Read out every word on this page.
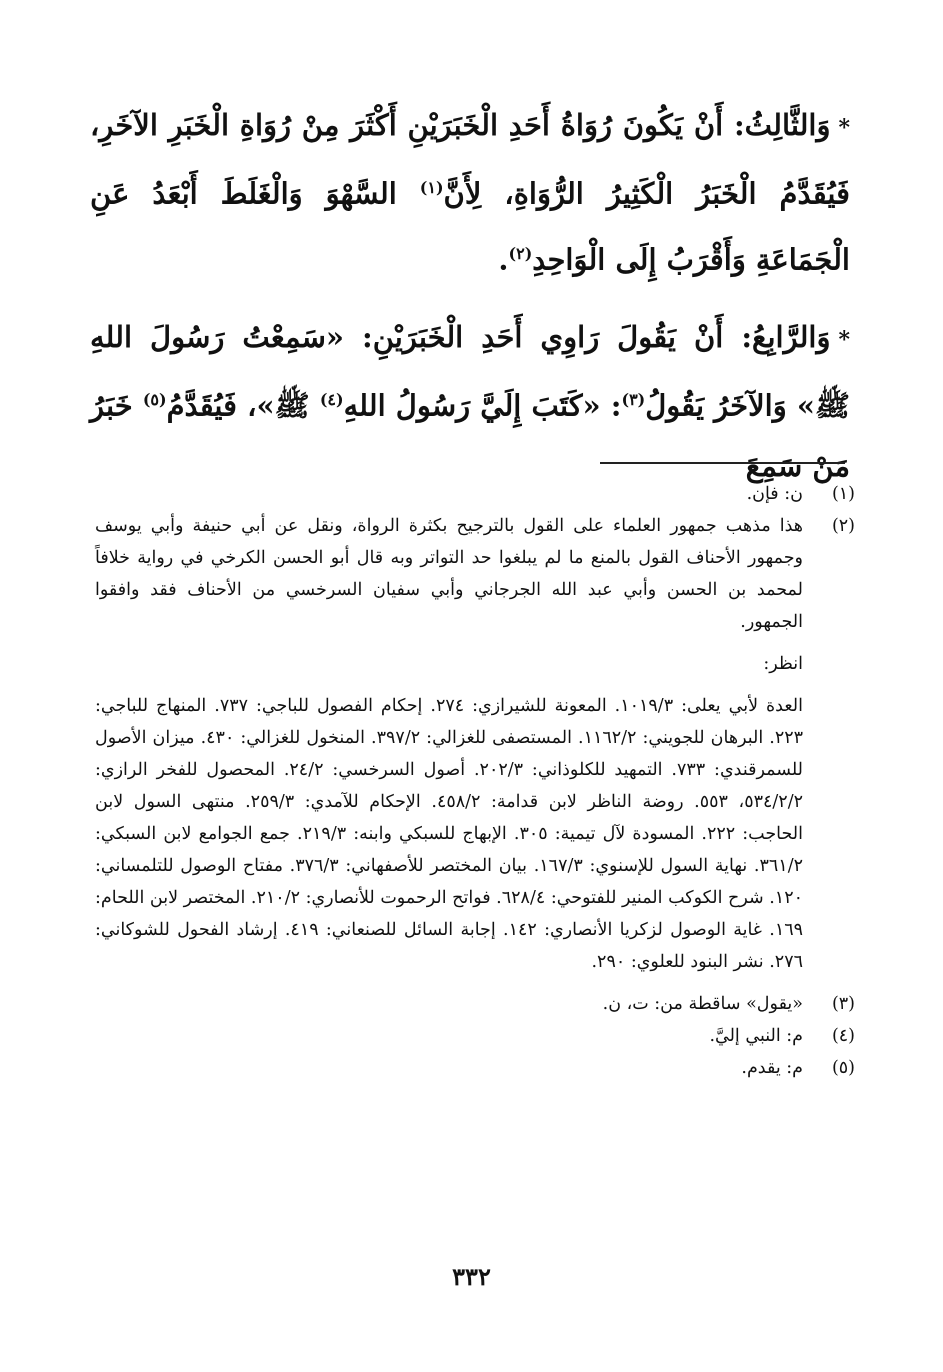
*وَالثَّالِثُ: أَنْ يَكُونَ رُوَاةُ أَحَدِ الْخَبَرَيْنِ أَكْثَرَ مِنْ رُوَاةِ الْخَبَرِ الآخَرِ، فَيُقَدَّمُ الْخَبَرُ الْكَثِيرُ الرُّوَاةِ، لِأَنَّ$^{(١)}$ السَّهْوَ وَالْغَلَطَ أَبْعَدُ عَنِ الْجَمَاعَةِ وَأَقْرَبُ إِلَى الْوَاحِدِ$^{(٢)}$.

*وَالرَّابِعُ: أَنْ يَقُولَ رَاوِي أَحَدِ الْخَبَرَيْنِ: «سَمِعْتُ رَسُولَ اللهِ ﷺ» وَالآخَرُ يَقُولُ$^{(٣)}$: «كَتَبَ إِلَيَّ رَسُولُ اللهِ$^{(٤)}$ ﷺ»، فَيُقَدَّمُ$^{(٥)}$ خَبَرُ مَنْ سَمِعَ

(١)

ن: فإن.

(٢)

هذا مذهب جمهور العلماء على القول بالترجيح بكثرة الرواة، ونقل عن أبي حنيفة وأبي يوسف وجمهور الأحناف القول بالمنع ما لم يبلغوا حد التواتر وبه قال أبو الحسن الكرخي في رواية خلافاً لمحمد بن الحسن وأبي عبد الله الجرجاني وأبي سفيان السرخسي من الأحناف فقد وافقوا الجمهور.

انظر:

العدة لأبي يعلى: ١٠١٩/٣. المعونة للشيرازي: ٢٧٤. إحكام الفصول للباجي: ٧٣٧. المنهاج للباجي: ٢٢٣. البرهان للجويني: ١١٦٢/٢. المستصفى للغزالي: ٣٩٧/٢. المنخول للغزالي: ٤٣٠. ميزان الأصول للسمرقندي: ٧٣٣. التمهيد للكلوذاني: ٢٠٢/٣. أصول السرخسي: ٢٤/٢. المحصول للفخر الرازي: ٥٣٤/٢/٢، ٥٥٣. روضة الناظر لابن قدامة: ٤٥٨/٢. الإحكام للآمدي: ٢٥٩/٣. منتهى السول لابن الحاجب: ٢٢٢. المسودة لآل تيمية: ٣٠٥. الإبهاج للسبكي وابنه: ٢١٩/٣. جمع الجوامع لابن السبكي: ٣٦١/٢. نهاية السول للإسنوي: ١٦٧/٣. بيان المختصر للأصفهاني: ٣٧٦/٣. مفتاح الوصول للتلمساني: ١٢٠. شرح الكوكب المنير للفتوحي: ٦٢٨/٤. فواتح الرحموت للأنصاري: ٢١٠/٢. المختصر لابن اللحام: ١٦٩. غاية الوصول لزكريا الأنصاري: ١٤٢. إجابة السائل للصنعاني: ٤١٩. إرشاد الفحول للشوكاني: ٢٧٦. نشر البنود للعلوي: ٢٩٠.

(٣)

«يقول» ساقطة من: ت، ن.

(٤)

م: النبي إليَّ.

(٥)

م: يقدم.

٣٣٢
